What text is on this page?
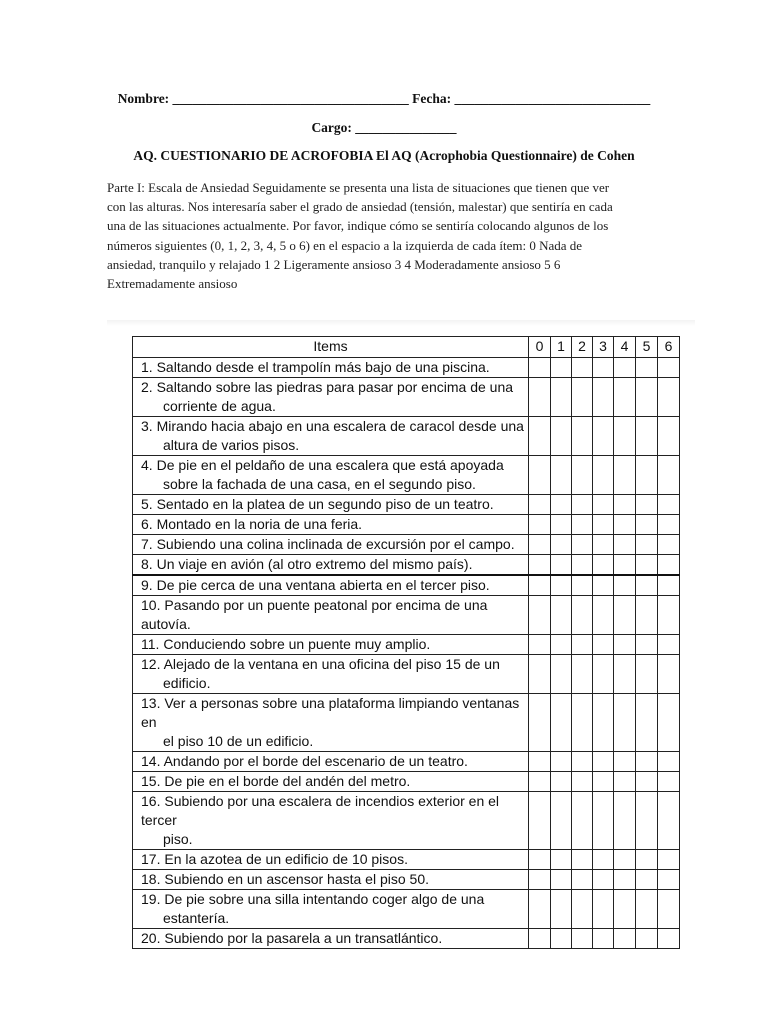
Nombre: ___________________________________ Fecha: _____________________________
Cargo: _______________
AQ. CUESTIONARIO DE ACROFOBIA El AQ (Acrophobia Questionnaire) de Cohen
Parte I: Escala de Ansiedad Seguidamente se presenta una lista de situaciones que tienen que ver
con las alturas. Nos interesaría saber el grado de ansiedad (tensión, malestar) que sentiría en cada
una de las situaciones actualmente. Por favor, indique cómo se sentiría colocando algunos de los
números siguientes (0, 1, 2, 3, 4, 5 o 6) en el espacio a la izquierda de cada ítem: 0 Nada de
ansiedad, tranquilo y relajado 1 2 Ligeramente ansioso 3 4 Moderadamente ansioso 5 6
Extremadamente ansioso
Items	0	1	2	3	4	5	6
1. Saltando desde el trampolín más bajo de una piscina.							
2. Saltando sobre las piedras para pasar por encima de una
corriente de agua.							

3. Mirando hacia abajo en una escalera de caracol desde una
altura de varios pisos.							

4. De pie en el peldaño de una escalera que está apoyada
sobre la fachada de una casa, en el segundo piso.							

5. Sentado en la platea de un segundo piso de un teatro.							
6. Montado en la noria de una feria.							
7. Subiendo una colina inclinada de excursión por el campo.							
8. Un viaje en avión (al otro extremo del mismo país).							
9. De pie cerca de una ventana abierta en el tercer piso.							
10. Pasando por un puente peatonal por encima de una autovía.							
11. Conduciendo sobre un puente muy amplio.							
12. Alejado de la ventana en una oficina del piso 15 de un
edificio.							

13. Ver a personas sobre una plataforma limpiando ventanas en
el piso 10 de un edificio.							

14. Andando por el borde del escenario de un teatro.							
15. De pie en el borde del andén del metro.							
16. Subiendo por una escalera de incendios exterior en el tercer
piso.							

17. En la azotea de un edificio de 10 pisos.							
18. Subiendo en un ascensor hasta el piso 50.							
19. De pie sobre una silla intentando coger algo de una
estantería.							

20. Subiendo por la pasarela a un transatlántico.							
